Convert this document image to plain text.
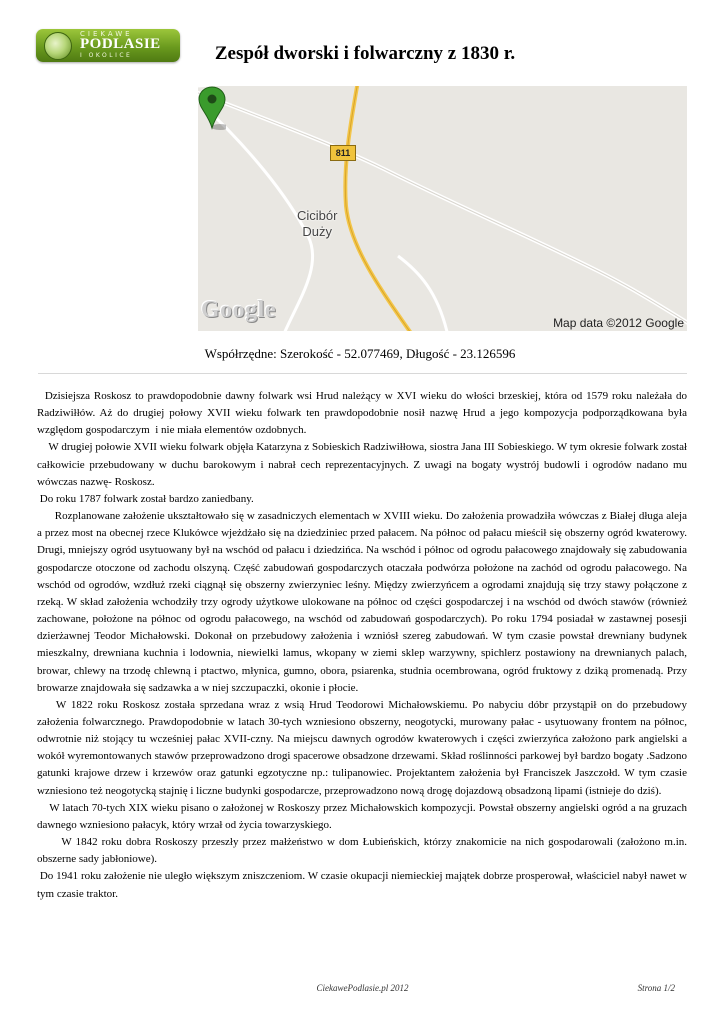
CIEKAWE
PODLASIE
I OKOLICE	Zespół dworski i folwarczny z 1830 r.
811
Cicibór
Duży
Google	Map data ©2012 Google
Współrzędne: Szerokość - 52.077469, Długość - 23.126596

Dzisiejsza Roskosz to prawdopodobnie dawny folwark wsi Hrud należący w XVI wieku do włości brzeskiej, która od 1579 roku należała do Radziwiłłów. Aż do drugiej połowy XVII wieku folwark ten prawdopodobnie nosił nazwę Hrud a jego kompozycja podporządkowana była względom gospodarczym  i nie miała elementów ozdobnych.

W drugiej połowie XVII wieku folwark objęła Katarzyna z Sobieskich Radziwiłłowa, siostra Jana III Sobieskiego. W tym okresie folwark został całkowicie przebudowany w duchu barokowym i nabrał cech reprezentacyjnych. Z uwagi na bogaty wystrój budowli i ogrodów nadano mu wówczas nazwę- Roskosz.

Do roku 1787 folwark został bardzo zaniedbany.

Rozplanowane założenie ukształtowało się w zasadniczych elementach w XVIII wieku. Do założenia prowadziła wówczas z Białej długa aleja a przez most na obecnej rzece Klukówce wjeżdżało się na dziedziniec przed pałacem. Na północ od pałacu mieścił się obszerny ogród kwaterowy. Drugi, mniejszy ogród usytuowany był na wschód od pałacu i dziedzińca. Na wschód i północ od ogrodu pałacowego znajdowały się zabudowania gospodarcze otoczone od zachodu olszyną. Część zabudowań gospodarczych otaczała podwórza położone na zachód od ogrodu pałacowego. Na wschód od ogrodów, wzdłuż rzeki ciągnął się obszerny zwierzyniec leśny. Między zwierzyńcem a ogrodami znajdują się trzy stawy połączone z rzeką. W skład założenia wchodziły trzy ogrody użytkowe ulokowane na północ od części gospodarczej i na wschód od dwóch stawów (również zachowane, położone na północ od ogrodu pałacowego, na wschód od zabudowań gospodarczych). Po roku 1794 posiadał w zastawnej posesji dzierżawnej Teodor Michałowski. Dokonał on przebudowy założenia i wzniósł szereg zabudowań. W tym czasie powstał drewniany budynek mieszkalny, drewniana kuchnia i lodownia, niewielki lamus, wkopany w ziemi sklep warzywny, spichlerz postawiony na drewnianych palach, browar, chlewy na trzodę chlewną i ptactwo, młynica, gumno, obora, psiarenka, studnia ocembrowana, ogród fruktowy z dziką promenadą. Przy browarze znajdowała się sadzawka a w niej szczupaczki, okonie i płocie.

W 1822 roku Roskosz została sprzedana wraz z wsią Hrud Teodorowi Michałowskiemu. Po nabyciu dóbr przystąpił on do przebudowy założenia folwarcznego. Prawdopodobnie w latach 30-tych wzniesiono obszerny, neogotycki, murowany pałac - usytuowany frontem na północ, odwrotnie niż stojący tu wcześniej pałac XVII-czny. Na miejscu dawnych ogrodów kwaterowych i części zwierzyńca założono park angielski a wokół wyremontowanych stawów przeprowadzono drogi spacerowe obsadzone drzewami. Skład roślinności parkowej był bardzo bogaty .Sadzono gatunki krajowe drzew i krzewów oraz gatunki egzotyczne np.: tulipanowiec. Projektantem założenia był Franciszek Jaszczołd. W tym czasie wzniesiono też neogotycką stajnię i liczne budynki gospodarcze, przeprowadzono nową drogę dojazdową obsadzoną lipami (istnieje do dziś).

W latach 70-tych XIX wieku pisano o założonej w Roskoszy przez Michałowskich kompozycji. Powstał obszerny angielski ogród a na gruzach dawnego wzniesiono pałacyk, który wrzał od życia towarzyskiego.

W 1842 roku dobra Roskoszy przeszły przez małżeństwo w dom Łubieńskich, którzy znakomicie na nich gospodarowali (założono m.in. obszerne sady jabłoniowe).

Do 1941 roku założenie nie uległo większym zniszczeniom. W czasie okupacji niemieckiej majątek dobrze prosperował, właściciel nabył nawet w tym czasie traktor.

CiekawePodlasie.pl 2012	Strona 1/2
